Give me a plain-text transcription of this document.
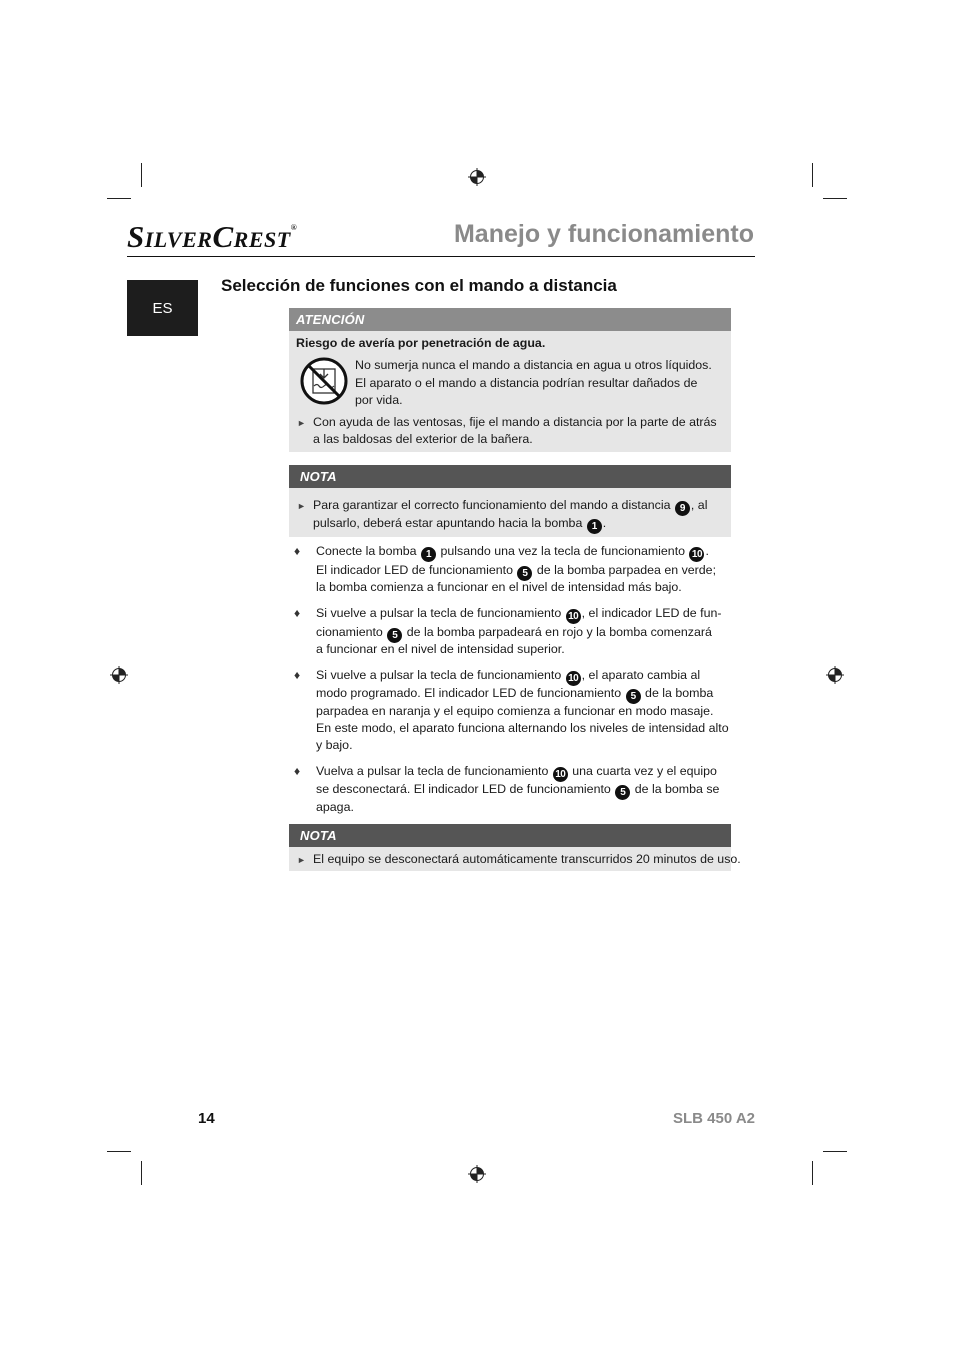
SILVERCREST®	Manejo y funcionamiento
ES
Selección de funciones con el mando a distancia
ATENCIÓN
Riesgo de avería por penetración de agua.
No sumerja nunca el mando a distancia en agua u otros líquidos.
El aparato o el mando a distancia podrían resultar dañados de
por vida.
► Con ayuda de las ventosas, fije el mando a distancia por la parte de atrás
a las baldosas del exterior de la bañera.
NOTA
► Para garantizar el correcto funcionamiento del mando a distancia 9 , al
pulsarlo, deberá estar apuntando hacia la bomba 1 .
♦ Conecte la bomba 1 pulsando una vez la tecla de funcionamiento 10 .
El indicador LED de funcionamiento 5 de la bomba parpadea en verde;
la bomba comienza a funcionar en el nivel de intensidad más bajo.
♦ Si vuelve a pulsar la tecla de funcionamiento 10 , el indicador LED de fun-
cionamiento 5 de la bomba parpadeará en rojo y la bomba comenzará
a funcionar en el nivel de intensidad superior.
♦ Si vuelve a pulsar la tecla de funcionamiento 10 , el aparato cambia al
modo programado. El indicador LED de funcionamiento 5 de la bomba
parpadea en naranja y el equipo comienza a funcionar en modo masaje.
En este modo, el aparato funciona alternando los niveles de intensidad alto
y bajo.
♦ Vuelva a pulsar la tecla de funcionamiento 10 una cuarta vez y el equipo
se desconectará. El indicador LED de funcionamiento 5 de la bomba se
apaga.
NOTA
► El equipo se desconectará automáticamente transcurridos 20 minutos de uso.
14	SLB 450 A2
